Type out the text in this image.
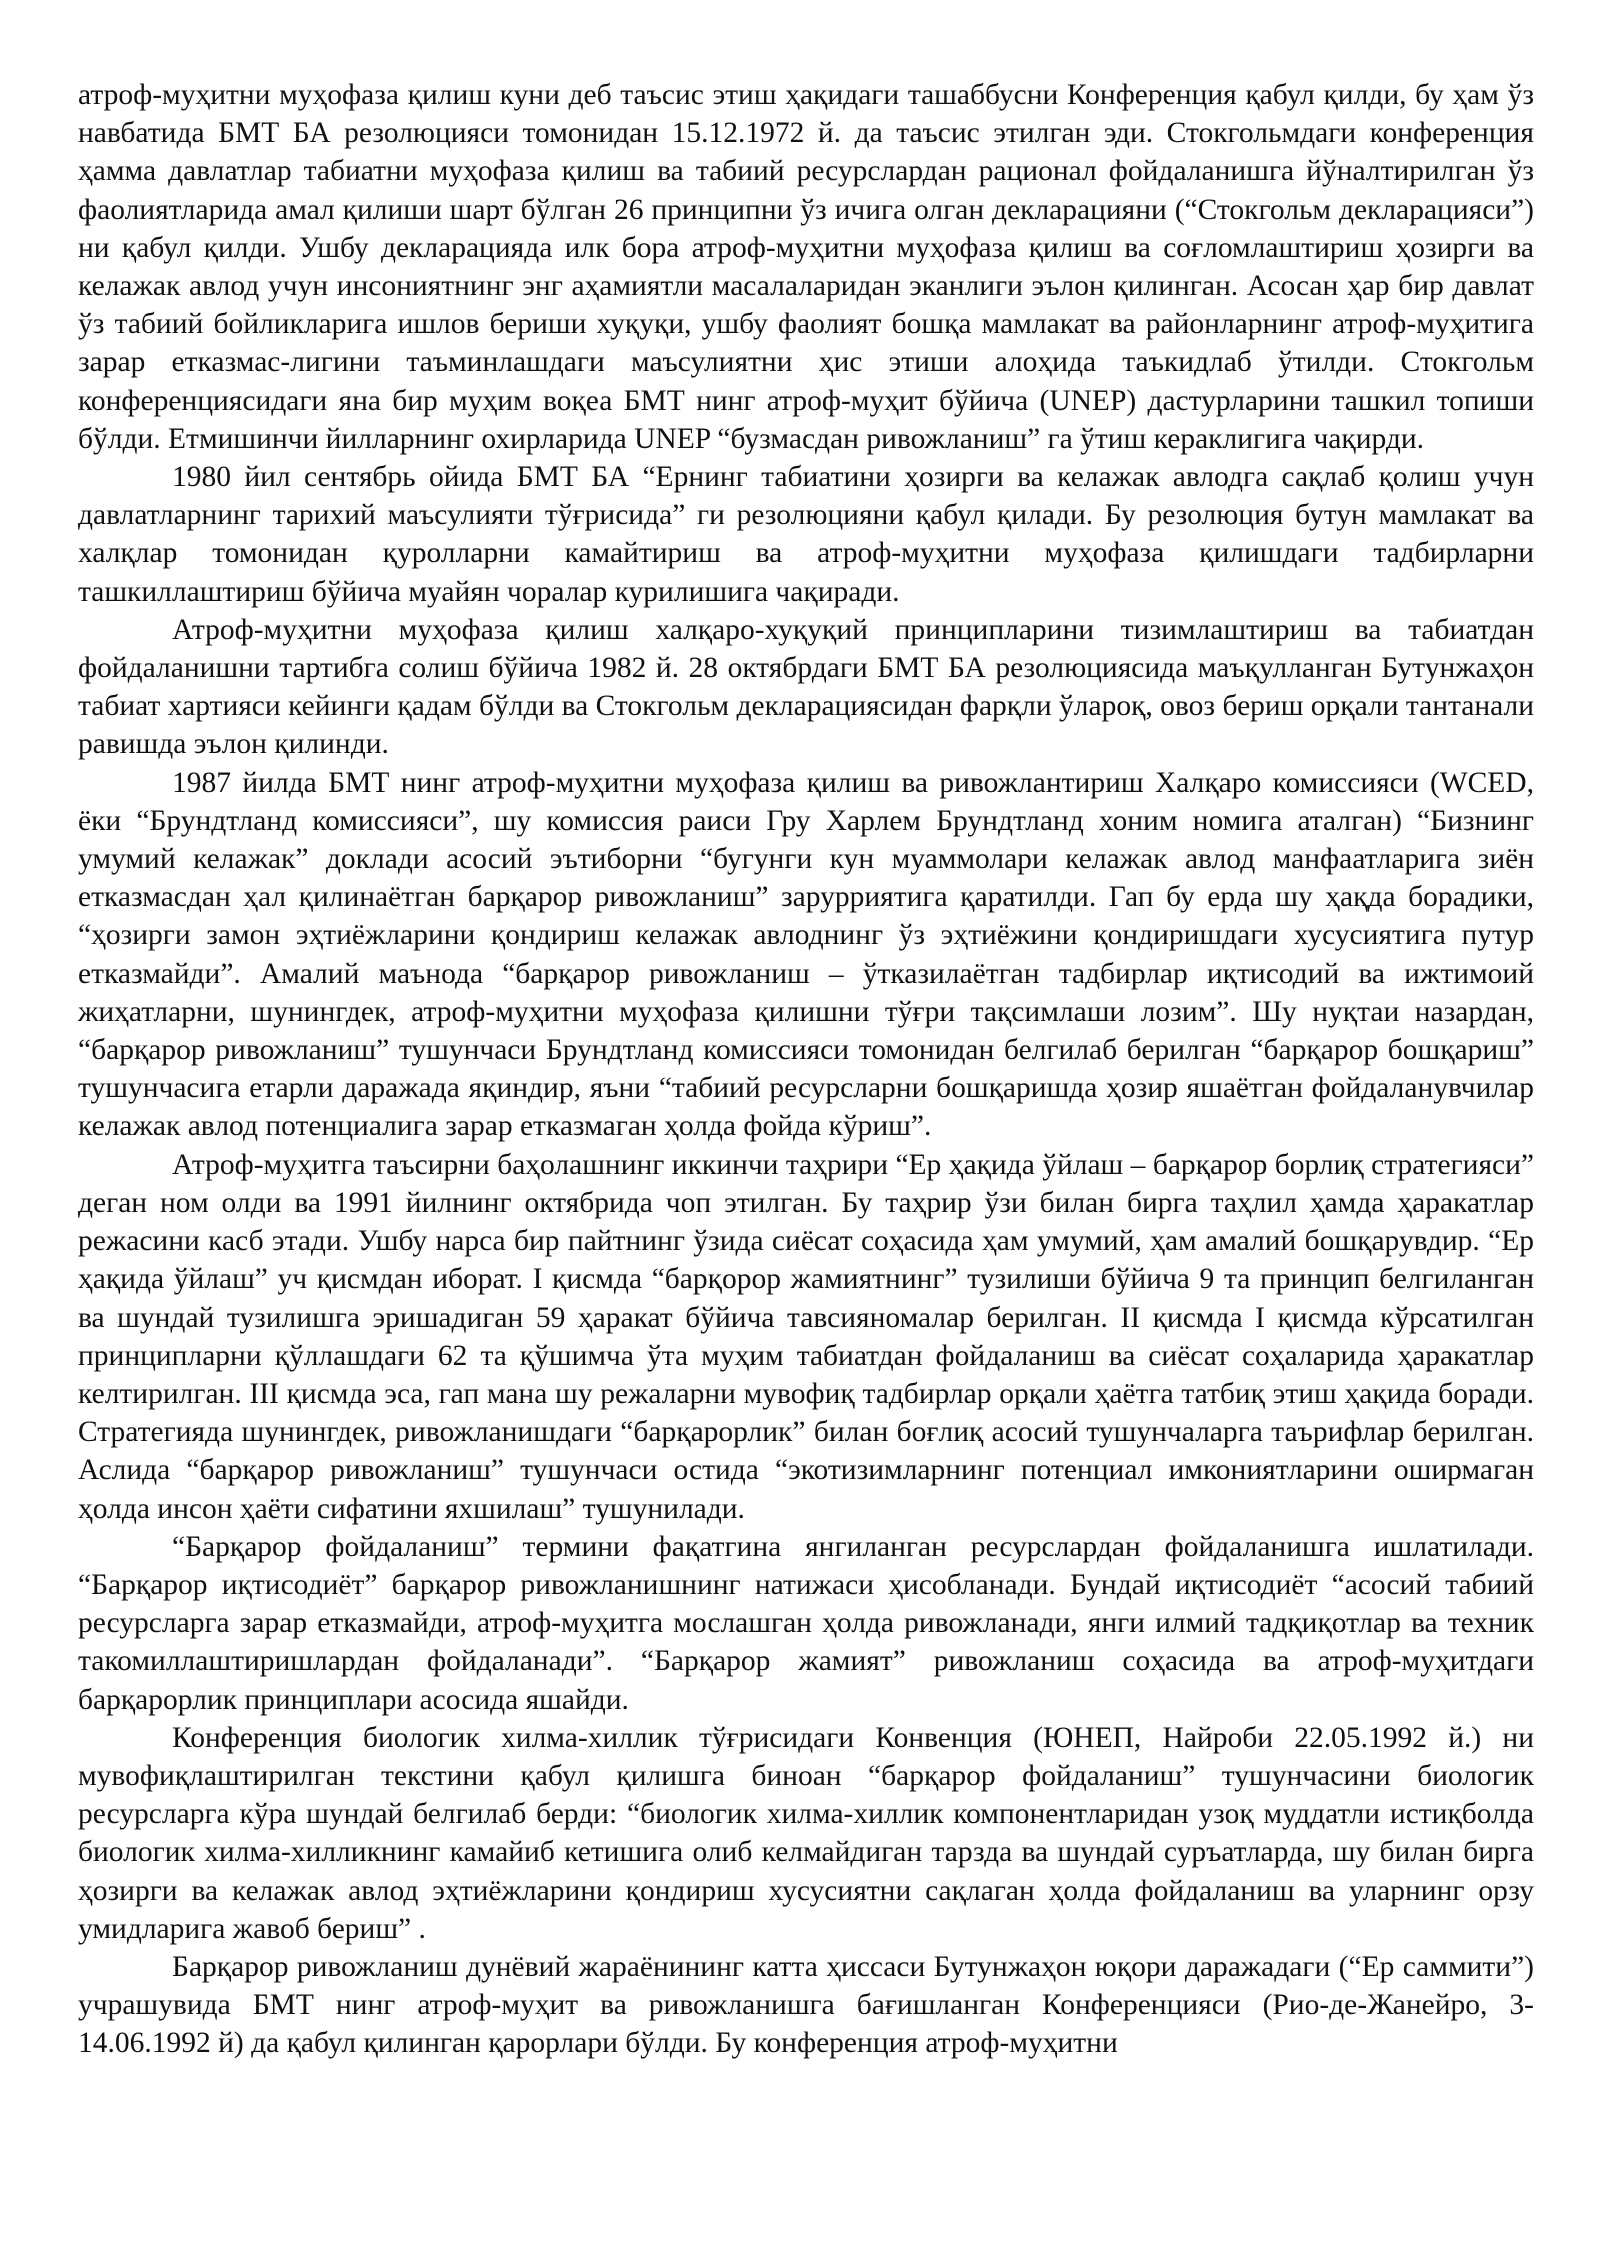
атроф-муҳитни муҳофаза қилиш куни деб таъсис этиш ҳақидаги ташаббусни Конференция қабул қилди, бу ҳам ўз навбатида БМТ БА резолюцияси томонидан 15.12.1972 й. да таъсис этилган эди. Стокгольмдаги конференция ҳамма давлатлар табиатни муҳофаза қилиш ва табиий ресурслардан рационал фойдаланишга йўналтирилган ўз фаолиятларида амал қилиши шарт бўлган 26 принципни ўз ичига олган декларацияни (“Стокгольм декларацияси”) ни қабул қилди. Ушбу декларацияда илк бора атроф-муҳитни муҳофаза қилиш ва соғломлаштириш ҳозирги ва келажак авлод учун инсониятнинг энг аҳамиятли масалаларидан эканлиги эълон қилинган. Асосан ҳар бир давлат ўз табиий бойликларига ишлов бериши хуқуқи, ушбу фаолият бошқа мамлакат ва районларнинг атроф-муҳитига зарар етказмас-лигини таъминлашдаги маъсулиятни ҳис этиши алоҳида таъкидлаб ўтилди. Стокгольм конференциясидаги яна бир муҳим воқеа БМТ нинг атроф-муҳит бўйича (UNEP) дастурларини ташкил топиши бўлди. Етмишинчи йилларнинг охирларида UNEP “бузмасдан ривожланиш” га ўтиш кераклигига чақирди.

1980 йил сентябрь ойида БМТ БА “Ернинг табиатини ҳозирги ва келажак авлодга сақлаб қолиш учун давлатларнинг тарихий маъсулияти тўғрисида” ги резолюцияни қабул қилади. Бу резолюция бутун мамлакат ва халқлар томонидан қуролларни камайтириш ва атроф-муҳитни муҳофаза қилишдаги тадбирларни ташкиллаштириш бўйича муайян чоралар курилишига чақиради.

Атроф-муҳитни муҳофаза қилиш халқаро-хуқуқий принципларини тизимлаштириш ва табиатдан фойдаланишни тартибга солиш бўйича 1982 й. 28 октябрдаги БМТ БА резолюциясида маъқулланган Бутунжаҳон табиат хартияси кейинги қадам бўлди ва Стокгольм декларациясидан фарқли ўлароқ, овоз бериш орқали тантанали равишда эълон қилинди.

1987 йилда БМТ нинг атроф-муҳитни муҳофаза қилиш ва ривожлантириш Халқаро комиссияси (WCED, ёки “Брундтланд комиссияси”, шу комиссия раиси Гру Харлем Брундтланд хоним номига аталган) “Бизнинг умумий келажак” доклади асосий эътиборни “бугунги кун муаммолари келажак авлод манфаатларига зиён етказмасдан ҳал қилинаётган барқарор ривожланиш” зарурриятига қаратилди. Гап бу ерда шу ҳақда борадики, “ҳозирги замон эҳтиёжларини қондириш келажак авлоднинг ўз эҳтиёжини қондиришдаги хусусиятига путур етказмайди”. Амалий маънода “барқарор ривожланиш – ўтказилаётган тадбирлар иқтисодий ва ижтимоий жиҳатларни, шунингдек, атроф-муҳитни муҳофаза қилишни тўғри тақсимлаши лозим”. Шу нуқтаи назардан, “барқарор ривожланиш” тушунчаси Брундтланд комиссияси томонидан белгилаб берилган “барқарор бошқариш” тушунчасига етарли даражада яқиндир, яъни “табиий ресурсларни бошқаришда ҳозир яшаётган фойдаланувчилар келажак авлод потенциалига зарар етказмаган ҳолда фойда кўриш”.

Атроф-муҳитга таъсирни баҳолашнинг иккинчи таҳрири “Ер ҳақида ўйлаш – барқарор борлиқ стратегияси” деган ном олди ва 1991 йилнинг октябрида чоп этилган. Бу таҳрир ўзи билан бирга таҳлил ҳамда ҳаракатлар режасини касб этади. Ушбу нарса бир пайтнинг ўзида сиёсат соҳасида ҳам умумий, ҳам амалий бошқарувдир. “Ер ҳақида ўйлаш” уч қисмдан иборат. I қисмда “барқорор жамиятнинг” тузилиши бўйича 9 та принцип белгиланган ва шундай тузилишга эришадиган 59 ҳаракат бўйича тавсияномалар берилган. II қисмда I қисмда кўрсатилган принципларни қўллашдаги 62 та қўшимча ўта муҳим табиатдан фойдаланиш ва сиёсат соҳаларида ҳаракатлар келтирилган. III қисмда эса, гап мана шу режаларни мувофиқ тадбирлар орқали ҳаётга татбиқ этиш ҳақида боради. Стратегияда шунингдек, ривожланишдаги “барқарорлик” билан боғлиқ асосий тушунчаларга таърифлар берилган. Аслида “барқарор ривожланиш” тушунчаси остида “экотизимларнинг потенциал имкониятларини оширмаган ҳолда инсон ҳаёти сифатини яхшилаш” тушунилади.

“Барқарор фойдаланиш” термини фақатгина янгиланган ресурслардан фойдаланишга ишлатилади. “Барқарор иқтисодиёт” барқарор ривожланишнинг натижаси ҳисобланади. Бундай иқтисодиёт “асосий табиий ресурсларга зарар етказмайди, атроф-муҳитга мослашган ҳолда ривожланади, янги илмий тадқиқотлар ва техник такомиллаштиришлардан фойдаланади”. “Барқарор жамият” ривожланиш соҳасида ва атроф-муҳитдаги барқарорлик принциплари асосида яшайди.

Конференция биологик хилма-хиллик тўғрисидаги Конвенция (ЮНЕП, Найроби 22.05.1992 й.) ни мувофиқлаштирилган текстини қабул қилишга биноан “барқарор фойдаланиш” тушунчасини биологик ресурсларга кўра шундай белгилаб берди: “биологик хилма-хиллик компонентларидан узоқ муддатли истиқболда биологик хилма-хилликнинг камайиб кетишига олиб келмайдиган тарзда ва шундай суръатларда, шу билан бирга ҳозирги ва келажак авлод эҳтиёжларини қондириш хусусиятни сақлаган ҳолда фойдаланиш ва уларнинг орзу умидларига жавоб бериш” .

Барқарор ривожланиш дунёвий жараёнининг катта ҳиссаси Бутунжаҳон юқори даражадаги (“Ер саммити”) учрашувида БМТ нинг атроф-муҳит ва ривожланишга бағишланган Конференцияси (Рио-де-Жанейро, 3-14.06.1992 й) да қабул қилинган қарорлари бўлди. Бу конференция атроф-муҳитни
